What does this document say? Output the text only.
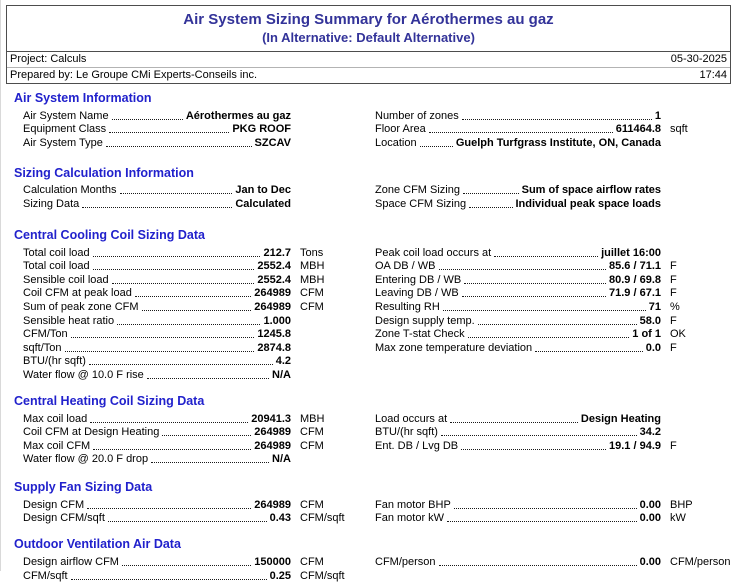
Air System Sizing Summary for Aérothermes au gaz
(In Alternative: Default Alternative)
Project: Calculs	05-30-2025
Prepared by: Le Groupe CMi Experts-Conseils inc.	17:44
Air System Information
Air System Name	Aérothermes au gaz
Equipment Class	PKG ROOF
Air System Type	SZCAV
Number of zones	1
Floor Area	611464.8 sqft
Location	Guelph Turfgrass Institute, ON, Canada
Sizing Calculation Information
Calculation Months	Jan to Dec
Sizing Data	Calculated
Zone CFM Sizing	Sum of space airflow rates
Space CFM Sizing	Individual peak space loads
Central Cooling Coil Sizing Data
Total coil load	212.7 Tons
Total coil load	2552.4 MBH
Sensible coil load	2552.4 MBH
Coil CFM at peak load	264989 CFM
Sum of peak zone CFM	264989 CFM
Sensible heat ratio	1.000
CFM/Ton	1245.8
sqft/Ton	2874.8
BTU/(hr sqft)	4.2
Water flow @ 10.0 F rise	N/A
Peak coil load occurs at	juillet 16:00
OA DB / WB	85.6 / 71.1 F
Entering DB / WB	80.9 / 69.8 F
Leaving DB / WB	71.9 / 67.1 F
Resulting RH	71 %
Design supply temp.	58.0 F
Zone T-stat Check	1 of 1 OK
Max zone temperature deviation	0.0 F
Central Heating Coil Sizing Data
Max coil load	20941.3 MBH
Coil CFM at Design Heating	264989 CFM
Max coil CFM	264989 CFM
Water flow @ 20.0 F drop	N/A
Load occurs at	Design Heating
BTU/(hr sqft)	34.2
Ent. DB / Lvg DB	19.1 / 94.9 F
Supply Fan Sizing Data
Design CFM	264989 CFM
Design CFM/sqft	0.43 CFM/sqft
Fan motor BHP	0.00 BHP
Fan motor kW	0.00 kW
Outdoor Ventilation Air Data
Design airflow CFM	150000 CFM
CFM/sqft	0.25 CFM/sqft
CFM/person	0.00 CFM/person
